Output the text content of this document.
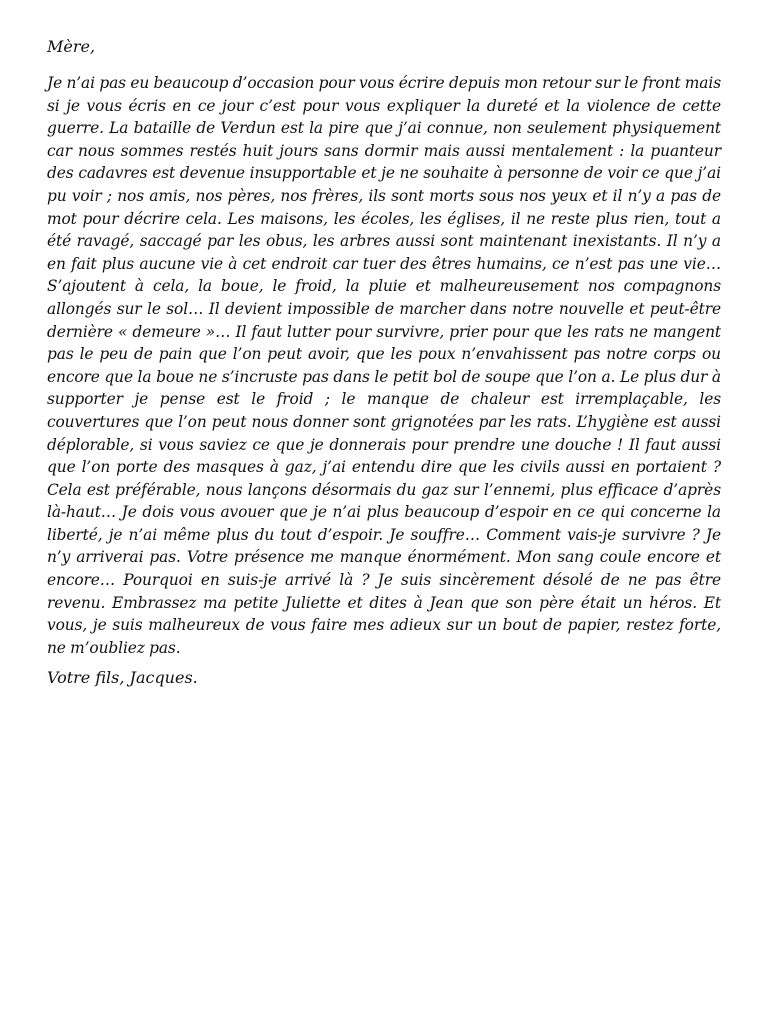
Mère,

Je n’ai pas eu beaucoup d’occasion pour vous écrire depuis mon retour sur le front mais si je vous écris en ce jour c’est pour vous expliquer la dureté et la violence de cette guerre. La bataille de Verdun est la pire que j’ai connue, non seulement physiquement car nous sommes restés huit jours sans dormir mais aussi mentalement : la puanteur des cadavres est devenue insupportable et je ne souhaite à personne de voir ce que j’ai pu voir ; nos amis, nos pères, nos frères, ils sont morts sous nos yeux et il n’y a pas de mot pour décrire cela. Les maisons, les écoles, les églises, il ne reste plus rien, tout a été ravagé, saccagé par les obus, les arbres aussi sont maintenant inexistants. Il n’y a en fait plus aucune vie à cet endroit car tuer des êtres humains, ce n’est pas une vie… S’ajoutent à cela, la boue, le froid, la pluie et malheureusement nos compagnons allongés sur le sol… Il devient impossible de marcher dans notre nouvelle et peut-être dernière « demeure »… Il faut lutter pour survivre, prier pour que les rats ne mangent pas le peu de pain que l’on peut avoir, que les poux n’envahissent pas notre corps ou encore que la boue ne s’incruste pas dans le petit bol de soupe que l’on a. Le plus dur à supporter je pense est le froid ; le manque de chaleur est irremplaçable, les couvertures que l’on peut nous donner sont grignotées par les rats. L’hygiène est aussi déplorable, si vous saviez ce que je donnerais pour prendre une douche ! Il faut aussi que l’on porte des masques à gaz, j’ai entendu dire que les civils aussi en portaient ? Cela est préférable, nous lançons désormais du gaz sur l’ennemi, plus efficace d’après là-haut… Je dois vous avouer que je n’ai plus beaucoup d’espoir en ce qui concerne la liberté, je n’ai même plus du tout d’espoir. Je souffre… Comment vais-je survivre ? Je n’y arriverai pas. Votre présence me manque énormément. Mon sang coule encore et encore… Pourquoi en suis-je arrivé là ? Je suis sincèrement désolé de ne pas être revenu. Embrassez ma petite Juliette et dites à Jean que son père était un héros. Et vous, je suis malheureux de vous faire mes adieux sur un bout de papier, restez forte, ne m’oubliez pas.

Votre fils, Jacques.
